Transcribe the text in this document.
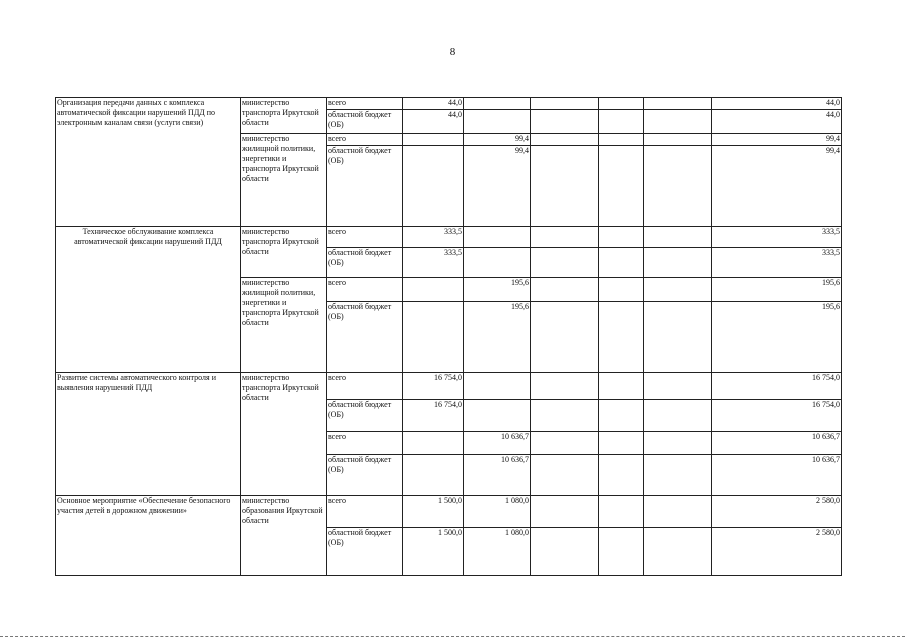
8
Организация передачи данных с комплекса автоматической фиксации нарушений ПДД по электронным каналам связи (услуги связи)	министерство транспорта Иркутской области	всего	44,0					44,0
		областной бюджет (ОБ)	44,0					44,0
	министерство жилищной политики, энергетики и транспорта Иркутской области	всего		99,4				99,4
		областной бюджет (ОБ)		99,4				99,4
Техническое обслуживание комплекса автоматической фиксации нарушений ПДД	министерство транспорта Иркутской области	всего	333,5					333,5
		областной бюджет (ОБ)	333,5					333,5
	министерство жилищной политики, энергетики и транспорта Иркутской области	всего		195,6				195,6
		областной бюджет (ОБ)		195,6				195,6
Развитие системы автоматического контроля и выявления нарушений ПДД	министерство транспорта Иркутской области	всего	16 754,0					16 754,0
		областной бюджет (ОБ)	16 754,0					16 754,0
		всего		10 636,7				10 636,7
		областной бюджет (ОБ)		10 636,7				10 636,7
Основное мероприятие «Обеспечение безопасного участия детей в дорожном движении»	министерство образования Иркутской области	всего	1 500,0	1 080,0				2 580,0
		областной бюджет (ОБ)	1 500,0	1 080,0				2 580,0
